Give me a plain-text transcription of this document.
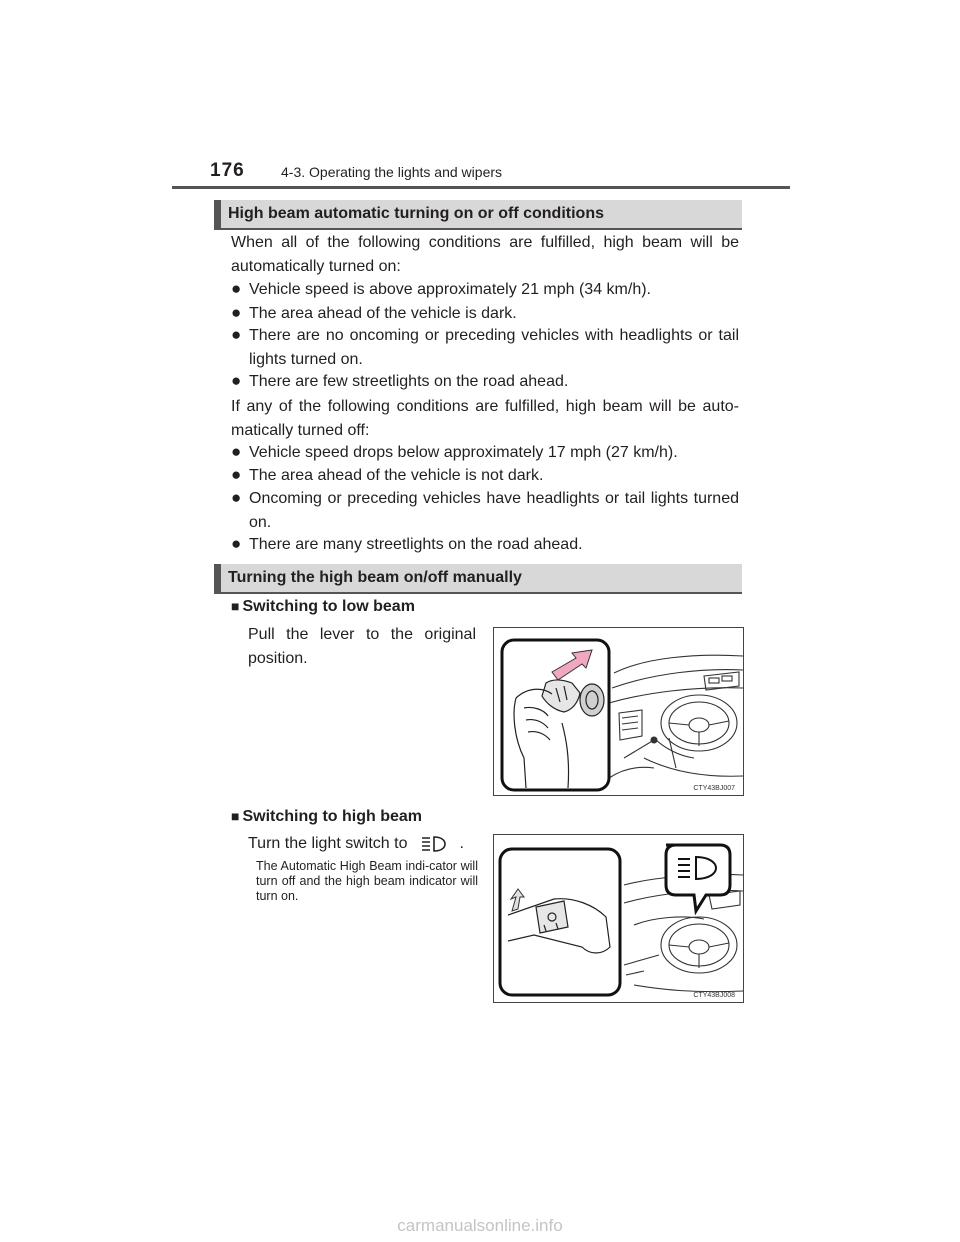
176	4-3. Operating the lights and wipers
High beam automatic turning on or off conditions
When all of the following conditions are fulfilled, high beam will be automatically turned on:
● Vehicle speed is above approximately 21 mph (34 km/h).
● The area ahead of the vehicle is dark.
● There are no oncoming or preceding vehicles with headlights or tail lights turned on.
● There are few streetlights on the road ahead.
If any of the following conditions are fulfilled, high beam will be auto-matically turned off:
● Vehicle speed drops below approximately 17 mph (27 km/h).
● The area ahead of the vehicle is not dark.
● Oncoming or preceding vehicles have headlights or tail lights turned on.
● There are many streetlights on the road ahead.
Turning the high beam on/off manually
■ Switching to low beam
Pull the lever to the original position.
CTY43BJ007
■ Switching to high beam
Turn the light switch to	.
The Automatic High Beam indi-cator will turn off and the high beam indicator will turn on.
CTY43BJ008
carmanualsonline.info
